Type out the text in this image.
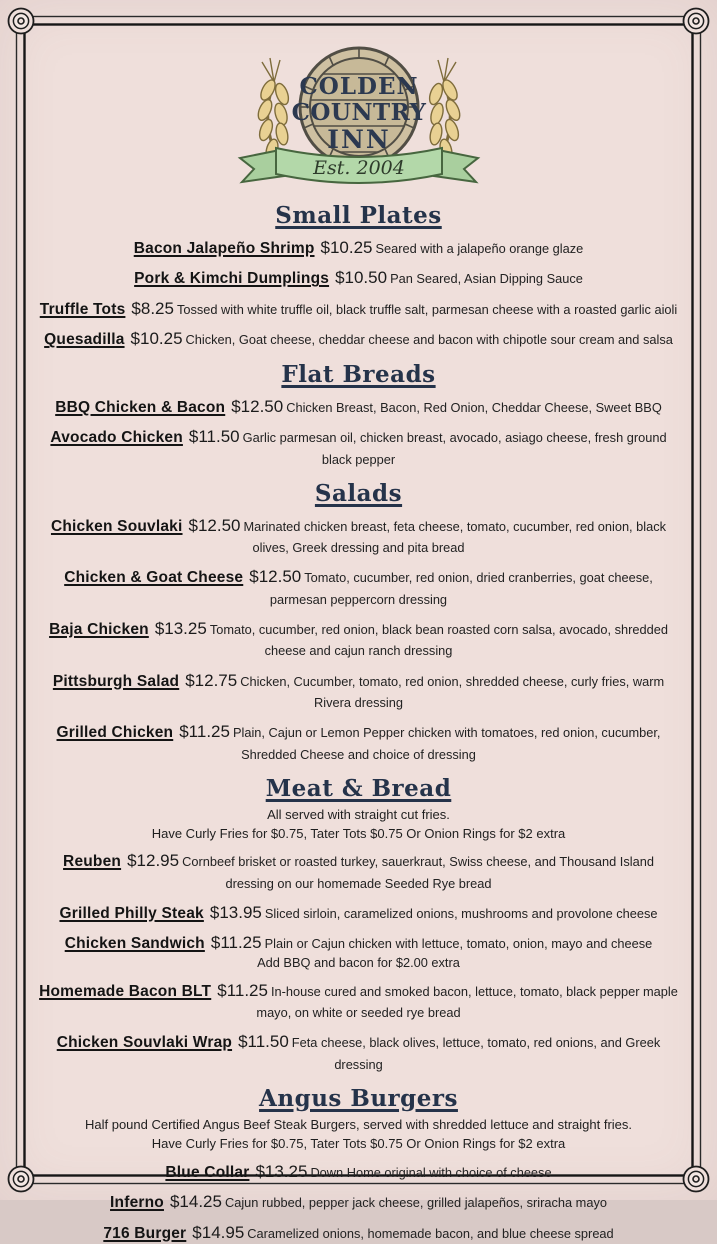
COLDEN
COUNTRY
INN
Est. 2004
Small Plates

Bacon Jalapeño Shrimp $10.25 Seared with a jalapeño orange glaze

Pork & Kimchi Dumplings $10.50 Pan Seared, Asian Dipping Sauce

Truffle Tots $8.25 Tossed with white truffle oil, black truffle salt, parmesan cheese with a roasted garlic aioli

Quesadilla $10.25 Chicken, Goat cheese, cheddar cheese and bacon with chipotle sour cream and salsa

Flat Breads

BBQ Chicken & Bacon $12.50 Chicken Breast, Bacon, Red Onion, Cheddar Cheese, Sweet BBQ

Avocado Chicken $11.50 Garlic parmesan oil, chicken breast, avocado, asiago cheese, fresh ground black pepper

Salads

Chicken Souvlaki $12.50 Marinated chicken breast, feta cheese, tomato, cucumber, red onion, black olives, Greek dressing and pita bread

Chicken & Goat Cheese $12.50 Tomato, cucumber, red onion, dried cranberries, goat cheese, parmesan peppercorn dressing

Baja Chicken $13.25 Tomato, cucumber, red onion, black bean roasted corn salsa, avocado, shredded cheese and cajun ranch dressing

Pittsburgh Salad $12.75 Chicken, Cucumber, tomato, red onion, shredded cheese, curly fries, warm Rivera dressing

Grilled Chicken $11.25 Plain, Cajun or Lemon Pepper chicken with tomatoes, red onion, cucumber, Shredded Cheese and choice of dressing

Meat & Bread

All served with straight cut fries.

Have Curly Fries for $0.75, Tater Tots $0.75 Or Onion Rings for $2 extra

Reuben $12.95 Cornbeef brisket or roasted turkey, sauerkraut, Swiss cheese, and Thousand Island dressing on our homemade Seeded Rye bread

Grilled Philly Steak $13.95 Sliced sirloin, caramelized onions, mushrooms and provolone cheese

Chicken Sandwich $11.25 Plain or Cajun chicken with lettuce, tomato, onion, mayo and cheese
Add BBQ and bacon for $2.00 extra

Homemade Bacon BLT $11.25 In-house cured and smoked bacon, lettuce, tomato, black pepper maple mayo, on white or seeded rye bread

Chicken Souvlaki Wrap $11.50 Feta cheese, black olives, lettuce, tomato, red onions, and Greek dressing

Angus Burgers

Half pound Certified Angus Beef Steak Burgers, served with shredded lettuce and straight fries.

Have Curly Fries for $0.75, Tater Tots $0.75 Or Onion Rings for $2 extra

Blue Collar $13.25 Down Home original with choice of cheese

Inferno $14.25 Cajun rubbed, pepper jack cheese, grilled jalapeños, sriracha mayo

716 Burger $14.95 Caramelized onions, homemade bacon, and blue cheese spread
